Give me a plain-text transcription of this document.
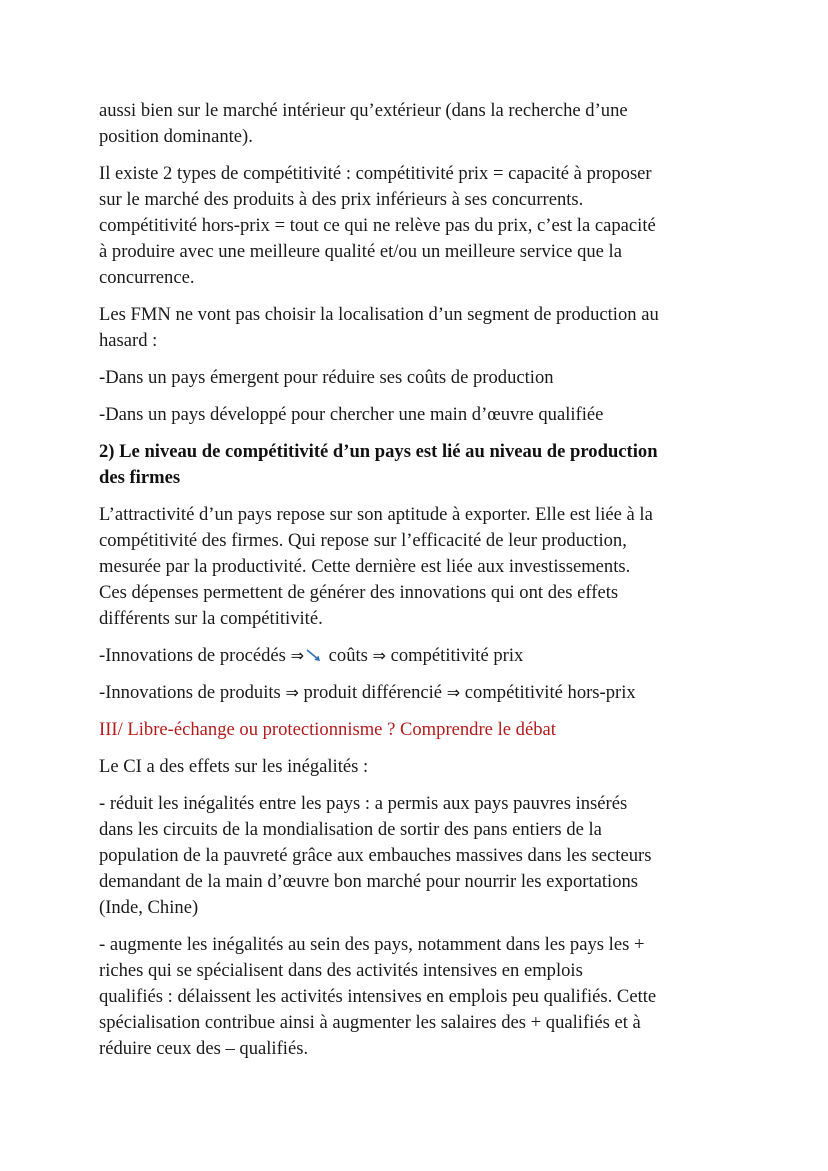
aussi bien sur le marché intérieur qu’extérieur (dans la recherche d’une
position dominante).

Il existe 2 types de compétitivité : compétitivité prix = capacité à proposer
sur le marché des produits à des prix inférieurs à ses concurrents.
compétitivité hors-prix = tout ce qui ne relève pas du prix, c’est la capacité
à produire avec une meilleure qualité et/ou un meilleure service que la
concurrence.

Les FMN ne vont pas choisir la localisation d’un segment de production au
hasard :

-Dans un pays émergent pour réduire ses coûts de production

-Dans un pays développé pour chercher une main d’œuvre qualifiée

2) Le niveau de compétitivité d’un pays est lié au niveau de production
des firmes

L’attractivité d’un pays repose sur son aptitude à exporter. Elle est liée à la
compétitivité des firmes. Qui repose sur l’efficacité de leur production,
mesurée par la productivité. Cette dernière est liée aux investissements.
Ces dépenses permettent de générer des innovations qui ont des effets
différents sur la compétitivité.

-Innovations de procédés ⇒ coûts ⇒ compétitivité prix

-Innovations de produits ⇒ produit différencié ⇒ compétitivité hors-prix

III/ Libre-échange ou protectionnisme ? Comprendre le débat

Le CI a des effets sur les inégalités :

- réduit les inégalités entre les pays : a permis aux pays pauvres insérés
dans les circuits de la mondialisation de sortir des pans entiers de la
population de la pauvreté grâce aux embauches massives dans les secteurs
demandant de la main d’œuvre bon marché pour nourrir les exportations
(Inde, Chine)

- augmente les inégalités au sein des pays, notamment dans les pays les +
riches qui se spécialisent dans des activités intensives en emplois
qualifiés : délaissent les activités intensives en emplois peu qualifiés. Cette
spécialisation contribue ainsi à augmenter les salaires des + qualifiés et à
réduire ceux des – qualifiés.
